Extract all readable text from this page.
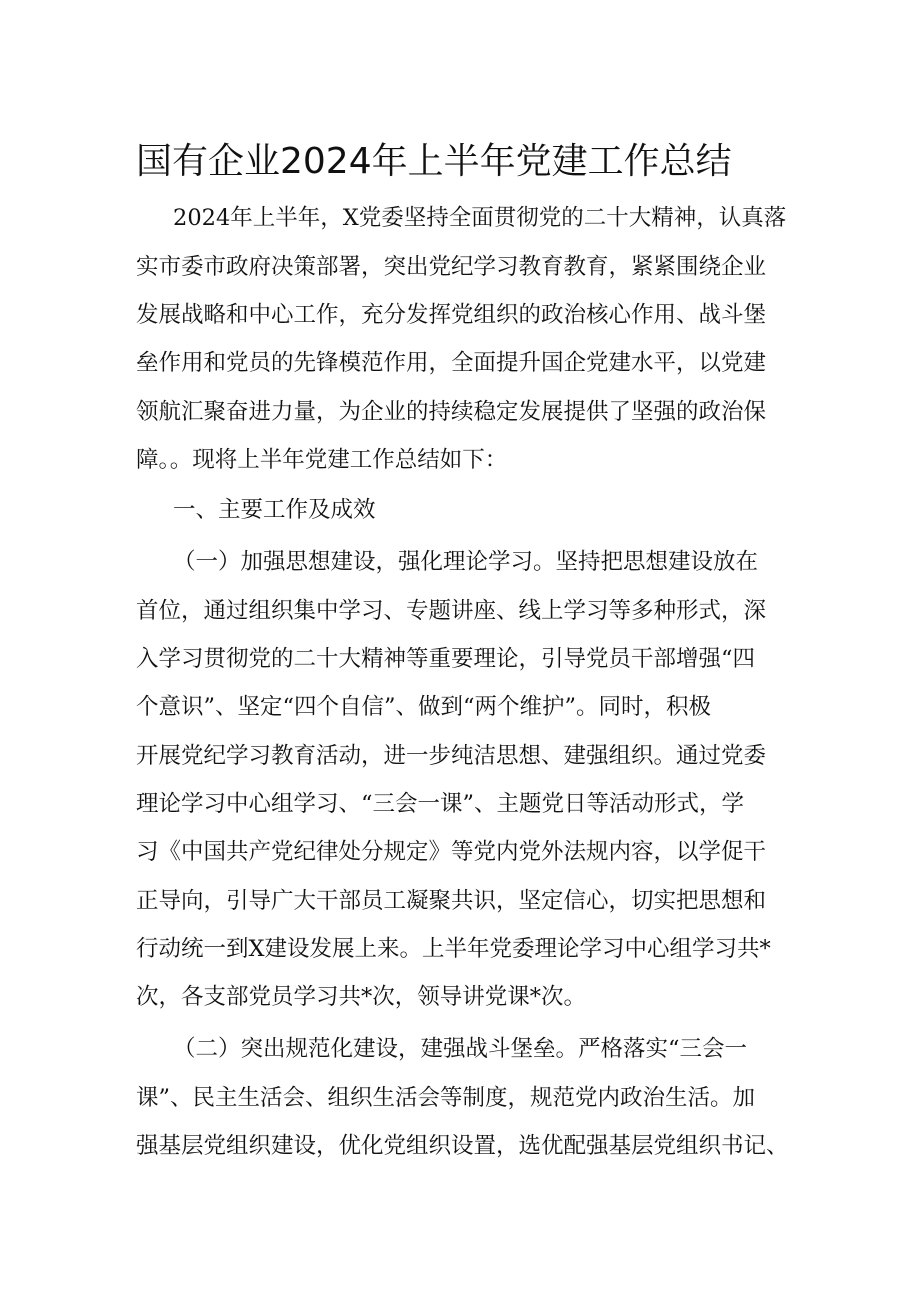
国有企业2024年上半年党建工作总结
2024年上半年，X党委坚持全面贯彻党的二十大精神，认真落
实市委市政府决策部署，突出党纪学习教育教育，紧紧围绕企业
发展战略和中心工作，充分发挥党组织的政治核心作用、战斗堡
垒作用和党员的先锋模范作用，全面提升国企党建水平，以党建
领航汇聚奋进力量，为企业的持续稳定发展提供了坚强的政治保
障。。现将上半年党建工作总结如下：
一、主要工作及成效
（一）加强思想建设，强化理论学习。坚持把思想建设放在
首位，通过组织集中学习、专题讲座、线上学习等多种形式，深
入学习贯彻党的二十大精神等重要理论，引导党员干部增强“四
个意识”、坚定“四个自信”、做到“两个维护”。同时，积极
开展党纪学习教育活动，进一步纯洁思想、建强组织。通过党委
理论学习中心组学习、“三会一课”、主题党日等活动形式，学
习《中国共产党纪律处分规定》等党内党外法规内容，以学促干
正导向，引导广大干部员工凝聚共识，坚定信心，切实把思想和
行动统一到X建设发展上来。上半年党委理论学习中心组学习共*
次，各支部党员学习共*次，领导讲党课*次。
（二）突出规范化建设，建强战斗堡垒。严格落实“三会一
课”、民主生活会、组织生活会等制度，规范党内政治生活。加
强基层党组织建设，优化党组织设置，选优配强基层党组织书记、
